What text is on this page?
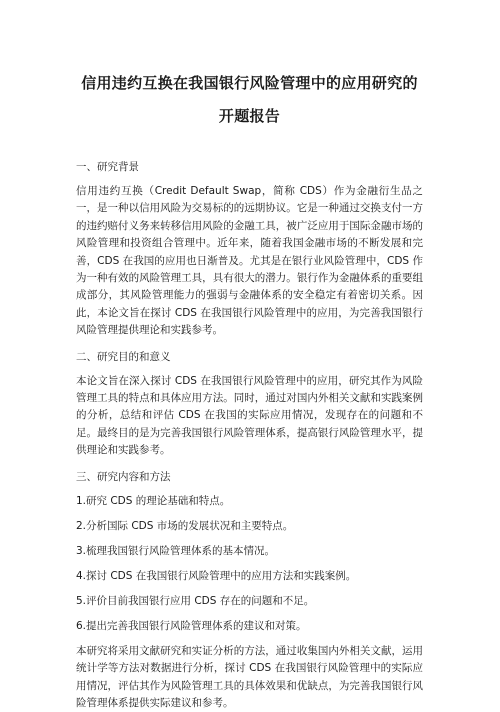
信用违约互换在我国银行风险管理中的应用研究的开题报告
一、研究背景
信用违约互换（Credit Default Swap，简称 CDS）作为金融衍生品之一，是一种以信用风险为交易标的的远期协议。它是一种通过交换支付一方的违约赔付义务来转移信用风险的金融工具，被广泛应用于国际金融市场的风险管理和投资组合管理中。近年来，随着我国金融市场的不断发展和完善，CDS 在我国的应用也日渐普及。尤其是在银行业风险管理中，CDS 作为一种有效的风险管理工具，具有很大的潜力。银行作为金融体系的重要组成部分，其风险管理能力的强弱与金融体系的安全稳定有着密切关系。因此，本论文旨在探讨 CDS 在我国银行风险管理中的应用，为完善我国银行风险管理提供理论和实践参考。
二、研究目的和意义
本论文旨在深入探讨 CDS 在我国银行风险管理中的应用，研究其作为风险管理工具的特点和具体应用方法。同时，通过对国内外相关文献和实践案例的分析，总结和评估 CDS 在我国的实际应用情况，发现存在的问题和不足。最终目的是为完善我国银行风险管理体系，提高银行风险管理水平，提供理论和实践参考。
三、研究内容和方法
1.研究 CDS 的理论基础和特点。
2.分析国际 CDS 市场的发展状况和主要特点。
3.梳理我国银行风险管理体系的基本情况。
4.探讨 CDS 在我国银行风险管理中的应用方法和实践案例。
5.评价目前我国银行应用 CDS 存在的问题和不足。
6.提出完善我国银行风险管理体系的建议和对策。
本研究将采用文献研究和实证分析的方法，通过收集国内外相关文献，运用统计学等方法对数据进行分析，探讨 CDS 在我国银行风险管理中的实际应用情况，评估其作为风险管理工具的具体效果和优缺点，为完善我国银行风险管理体系提供实际建议和参考。
